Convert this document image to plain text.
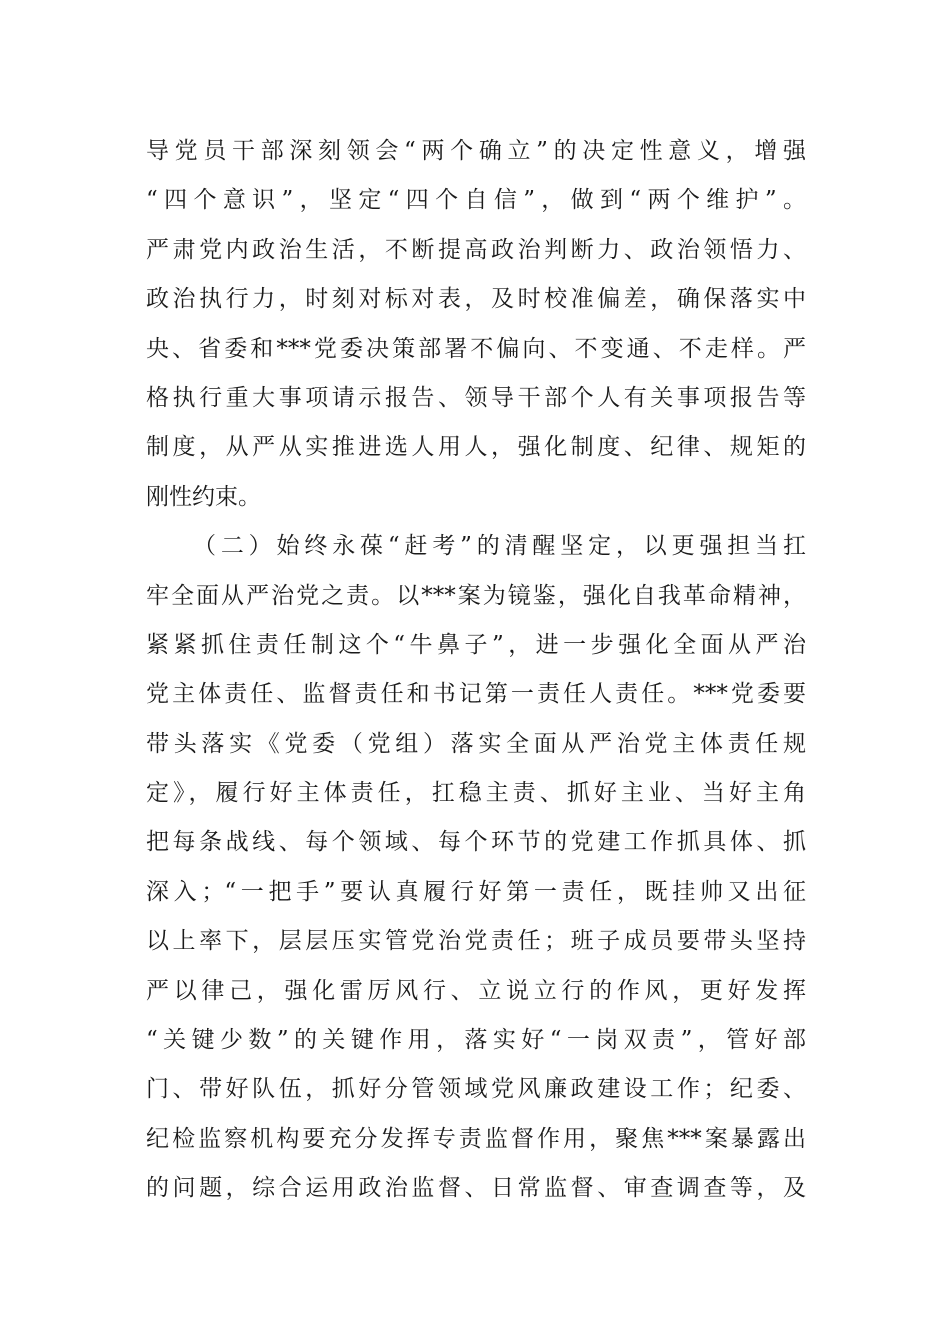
导党员干部深刻领会“两个确立”的决定性意义，增强
“四个意识”，坚定“四个自信”，做到“两个维护”。
严肃党内政治生活，不断提高政治判断力、政治领悟力、
政治执行力，时刻对标对表，及时校准偏差，确保落实中
央、省委和***党委决策部署不偏向、不变通、不走样。严
格执行重大事项请示报告、领导干部个人有关事项报告等
制度，从严从实推进选人用人，强化制度、纪律、规矩的
刚性约束。
（二）始终永葆“赶考”的清醒坚定，以更强担当扛
牢全面从严治党之责。以***案为镜鉴，强化自我革命精神，
紧紧抓住责任制这个“牛鼻子”，进一步强化全面从严治
党主体责任、监督责任和书记第一责任人责任。***党委要
带头落实《党委（党组）落实全面从严治党主体责任规
定》，履行好主体责任，扛稳主责、抓好主业、当好主角
把每条战线、每个领域、每个环节的党建工作抓具体、抓
深入；“一把手”要认真履行好第一责任，既挂帅又出征
以上率下，层层压实管党治党责任；班子成员要带头坚持
严以律己，强化雷厉风行、立说立行的作风，更好发挥
“关键少数”的关键作用，落实好“一岗双责”，管好部
门、带好队伍，抓好分管领域党风廉政建设工作；纪委、
纪检监察机构要充分发挥专责监督作用，聚焦***案暴露出
的问题，综合运用政治监督、日常监督、审查调查等，及
